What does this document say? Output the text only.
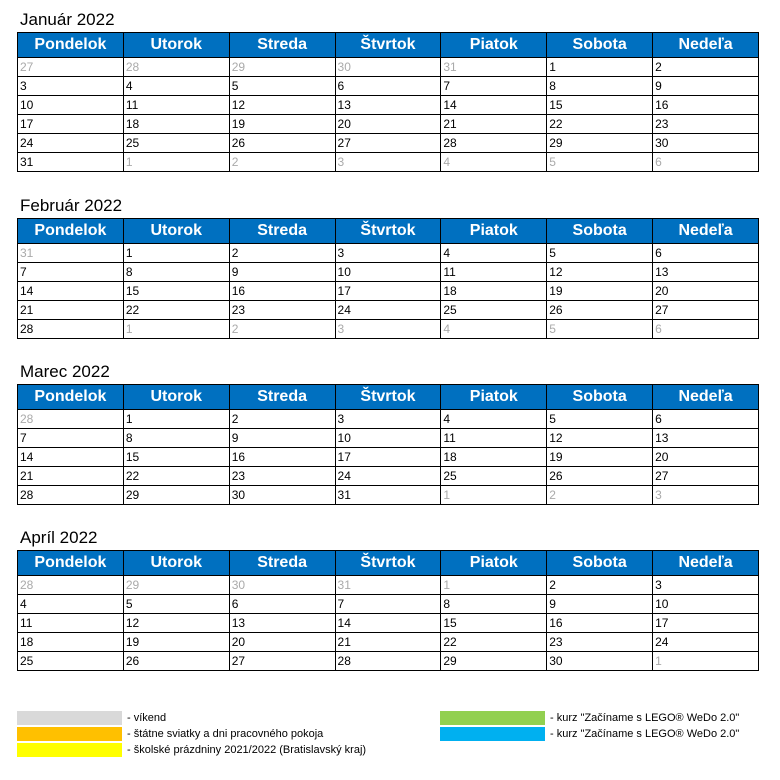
Január 2022
Pondelok	Utorok	Streda	Štvrtok	Piatok	Sobota	Nedeľa
27	28	29	30	31	1	2
3	4	5	6	7	8	9
10	11	12	13	14	15	16
17	18	19	20	21	22	23
24	25	26	27	28	29	30
31	1	2	3	4	5	6
Február 2022
Pondelok	Utorok	Streda	Štvrtok	Piatok	Sobota	Nedeľa
31	1	2	3	4	5	6
7	8	9	10	11	12	13
14	15	16	17	18	19	20
21	22	23	24	25	26	27
28	1	2	3	4	5	6
Marec 2022
Pondelok	Utorok	Streda	Štvrtok	Piatok	Sobota	Nedeľa
28	1	2	3	4	5	6
7	8	9	10	11	12	13
14	15	16	17	18	19	20
21	22	23	24	25	26	27
28	29	30	31	1	2	3
Apríl 2022
Pondelok	Utorok	Streda	Štvrtok	Piatok	Sobota	Nedeľa
28	29	30	31	1	2	3
4	5	6	7	8	9	10
11	12	13	14	15	16	17
18	19	20	21	22	23	24
25	26	27	28	29	30	1
- víkend
- štátne sviatky a dni pracovného pokoja
- školské prázdniny 2021/2022 (Bratislavský kraj)
- kurz "Začíname s LEGO® WeDo 2.0"
- kurz "Začíname s LEGO® WeDo 2.0"
